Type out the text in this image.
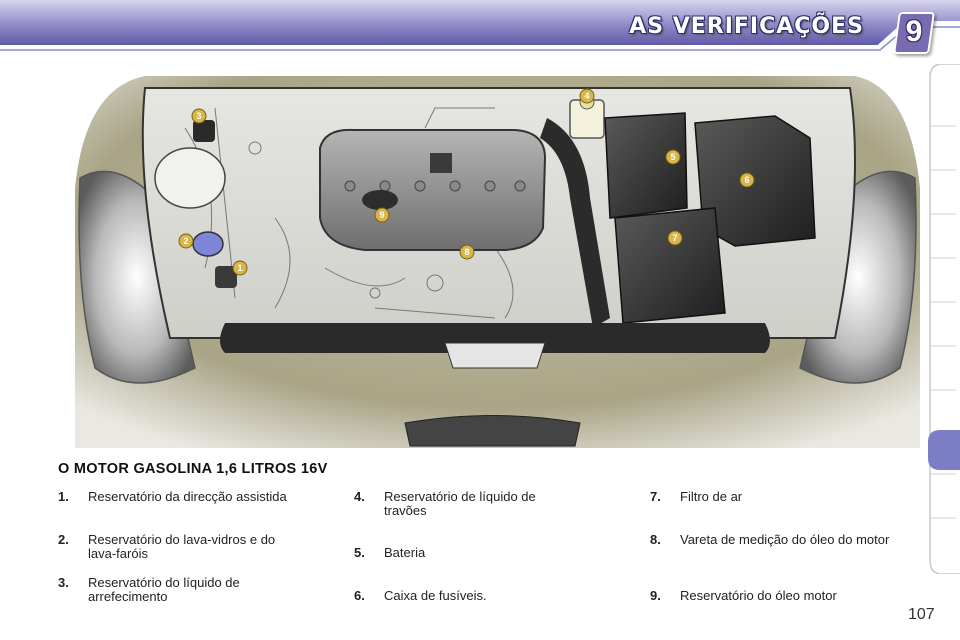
AS VERIFICAÇÕES	9
1
2
3
4
5
6
7
8
9
O MOTOR GASOLINA 1,6 LITROS 16V
1. Reservatório da direcção assistida
2. Reservatório do lava-vidros e do lava-faróis
3. Reservatório do líquido de arrefecimento
4. Reservatório de líquido de travões
5. Bateria
6. Caixa de fusíveis.
7. Filtro de ar
8. Vareta de medição do óleo do motor
9. Reservatório do óleo motor
107
